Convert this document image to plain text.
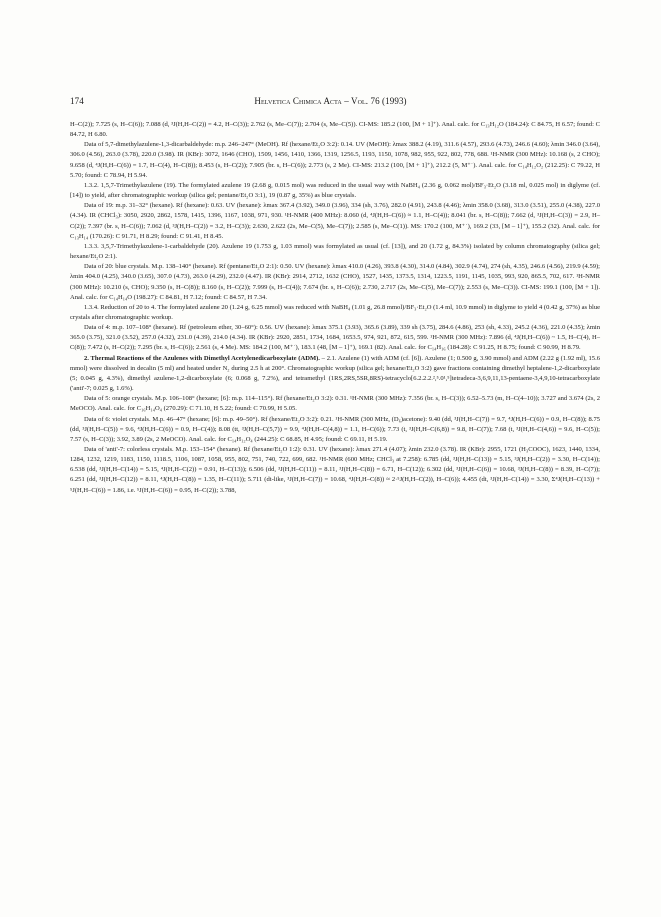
174	Helvetica Chimica Acta – Vol. 76 (1993)

H–C(2)); 7.725 (s, H–C(6)); 7.088 (d, ³J(H,H–C(2)) = 4.2, H–C(3)); 2.762 (s, Me–C(7)); 2.704 (s, Me–C(5)). CI-MS: 185.2 (100, [M + 1]⁺). Anal. calc. for C₁₃H₁₂O (184.24): C 84.75, H 6.57; found: C 84.72, H 6.80.

Data of 5,7-dimethylazulene-1,3-dicarbaldehyde: m.p. 246–247° (MeOH). Rf (hexane/Et₂O 3:2): 0.14. UV (MeOH): λmax 388.2 (4.19), 311.6 (4.57), 293.6 (4.73), 246.6 (4.60); λmin 346.0 (3.64), 306.0 (4.56), 263.0 (3.78), 220.0 (3.98). IR (KBr): 3072, 1646 (CHO), 1509, 1456, 1410, 1366, 1319, 1256.5, 1193, 1150, 1078, 982, 955, 922, 802, 778, 688. ¹H-NMR (300 MHz): 10.168 (s, 2 CHO); 9.658 (d, ⁴J(H,H–C(6)) = 1.7, H–C(4), H–C(8)); 8.453 (s, H–C(2)); 7.905 (br. s, H–C(6)); 2.773 (s, 2 Me). CI-MS: 213.2 (100, [M + 1]⁺), 212.2 (5, M⁺˙). Anal. calc. for C₁₄H₁₂O₂ (212.25): C 79.22, H 5.70; found: C 78.94, H 5.94.

1.3.2. 1,5,7-Trimethylazulene (19). The formylated azulene 19 (2.68 g, 0.015 mol) was reduced in the usual way with NaBH₄ (2.36 g, 0.062 mol)/BF₃·Et₂O (3.18 ml, 0.025 mol) in diglyme (cf. [14]) to yield, after chromatographic workup (silica gel; pentane/Et₂O 3:1), 19 (0.87 g, 35%) as blue crystals.

Data of 19: m.p. 31–32° (hexane). Rf (hexane): 0.63. UV (hexane): λmax 367.4 (3.92), 349.0 (3.96), 334 (sh, 3.76), 282.0 (4.91), 243.8 (4.46); λmin 358.0 (3.68), 313.0 (3.51), 255.0 (4.38), 227.0 (4.34). IR (CHCl₃): 3050, 2920, 2862, 1578, 1415, 1396, 1167, 1038, 971, 930. ¹H-NMR (400 MHz): 8.060 (d, ⁴J(H,H–C(6)) ≈ 1.1, H–C(4)); 8.041 (br. s, H–C(8)); 7.662 (d, ³J(H,H–C(3)) = 2.9, H–C(2)); 7.397 (br. s, H–C(6)); 7.062 (d, ³J(H,H–C(2)) = 3.2, H–C(3)); 2.630, 2.622 (2s, Me–C(5), Me–C(7)); 2.585 (s, Me–C(1)). MS: 170.2 (100, M⁺˙), 169.2 (33, [M – 1]⁺), 155.2 (32). Anal. calc. for C₁₃H₁₄ (170.26): C 91.71, H 8.29; found: C 91.41, H 8.45.

1.3.3. 3,5,7-Trimethylazulene-1-carbaldehyde (20). Azulene 19 (1.753 g, 1.03 mmol) was formylated as usual (cf. [13]), and 20 (1.72 g, 84.3%) isolated by column chromatography (silica gel; hexane/Et₂O 2:1).

Data of 20: blue crystals. M.p. 138–140° (hexane). Rf (pentane/Et₂O 2:1): 0.50. UV (hexane): λmax 410.0 (4.26), 393.8 (4.30), 314.0 (4.84), 302.9 (4.74), 274 (sh, 4.35), 246.6 (4.56), 219.9 (4.59); λmin 404.0 (4.25), 340.0 (3.65), 307.0 (4.73), 263.0 (4.29), 232.0 (4.47). IR (KBr): 2914, 2712, 1632 (CHO), 1527, 1435, 1373.5, 1314, 1223.5, 1191, 1145, 1035, 993, 920, 865.5, 702, 617. ¹H-NMR (300 MHz): 10.210 (s, CHO); 9.350 (s, H–C(8)); 8.160 (s, H–C(2)); 7.999 (s, H–C(4)); 7.674 (br. s, H–C(6)); 2.730, 2.717 (2s, Me–C(5), Me–C(7)); 2.553 (s, Me–C(3)). CI-MS: 199.1 (100, [M + 1]). Anal. calc. for C₁₄H₁₄O (198.27): C 84.81, H 7.12; found: C 84.57, H 7.34.

1.3.4. Reduction of 20 to 4. The formylated azulene 20 (1.24 g, 6.25 mmol) was reduced with NaBH₄ (1.01 g, 26.8 mmol)/BF₃·Et₂O (1.4 ml, 10.9 mmol) in diglyme to yield 4 (0.42 g, 37%) as blue crystals after chromatographic workup.

Data of 4: m.p. 107–108° (hexane). Rf (petroleum ether, 30–60°): 0.56. UV (hexane): λmax 375.1 (3.93), 365.6 (3.89), 339 sh (3.75), 284.6 (4.86), 253 (sh, 4.33), 245.2 (4.36), 221.0 (4.35); λmin 365.0 (3.75), 321.0 (3.52), 257.0 (4.32), 231.0 (4.39), 214.0 (4.34). IR (KBr): 2920, 2851, 1734, 1684, 1653.5, 974, 921, 872, 615, 599. ¹H-NMR (300 MHz): 7.896 (d, ⁴J(H,H–C(6)) ~ 1.5, H–C(4), H–C(8)); 7.472 (s, H–C(2)); 7.295 (br. s, H–C(6)); 2.561 (s, 4 Me). MS: 184.2 (100, M⁺˙), 183.1 (48, [M – 1]⁺), 169.1 (82). Anal. calc. for C₁₄H₁₆ (184.28): C 91.25, H 8.75; found: C 90.99, H 8.79.

2. Thermal Reactions of the Azulenes with Dimethyl Acetylenedicarboxylate (ADM). – 2.1. Azulene (1) with ADM (cf. [6]). Azulene (1; 0.500 g, 3.90 mmol) and ADM (2.22 g (1.92 ml), 15.6 mmol) were dissolved in decalin (5 ml) and heated under N₂ during 2.5 h at 200°. Chromatographic workup (silica gel; hexane/Et₂O 3:2) gave fractions containing dimethyl heptalene-1,2-dicarboxylate (5; 0.045 g, 4.3%), dimethyl azulene-1,2-dicarboxylate (6; 0.068 g, 7.2%), and tetramethyl (1RS,2RS,5SR,8RS)-tetracyclo[6.2.2.2.²,⁵.0¹,⁵]tetradeca-3,6,9,11,13-pentaene-3,4,9,10-tetracarboxylate ('anti'-7; 0.025 g, 1.6%).

Data of 5: orange crystals. M.p. 106–108° (hexane; [6]: m.p. 114–115°). Rf (hexane/Et₂O 3:2): 0.31. ¹H-NMR (300 MHz): 7.356 (br. s, H–C(3)); 6.52–5.73 (m, H–C(4–10)); 3.727 and 3.674 (2s, 2 MeOCO). Anal. calc. for C₁₆H₁₄O₄ (270.29): C 71.10, H 5.22; found: C 70.99, H 5.05.

Data of 6: violet crystals. M.p. 46–47° (hexane; [6]: m.p. 49–50°). Rf (hexane/Et₂O 3:2): 0.21. ¹H-NMR (300 MHz, (D₆)acetone): 9.40 (dd, ³J(H,H–C(7)) = 9.7, ⁴J(H,H–C(6)) = 0.9, H–C(8)); 8.75 (dd, ³J(H,H–C(5)) = 9.6, ⁴J(H,H–C(6)) = 0.9, H–C(4)); 8.08 (tt, ³J(H,H–C(5,7)) = 9.9, ⁴J(H,H–C(4,8)) = 1.1, H–C(6)); 7.73 (t, ³J(H,H–C(6,8)) = 9.8, H–C(7)); 7.68 (t, ³J(H,H–C(4,6)) = 9.6, H–C(5)); 7.57 (s, H–C(3)); 3.92, 3.89 (2s, 2 MeOCO). Anal. calc. for C₁₄H₁₂O₄ (244.25): C 68.85, H 4.95; found: C 69.11, H 5.19.

Data of 'anti'-7: colorless crystals. M.p. 153–154° (hexane). Rf (hexane/Et₂O 1:2): 0.31. UV (hexane): λmax 271.4 (4.07); λmin 232.0 (3.78). IR (KBr): 2955, 1721 (H₃COOC), 1623, 1440, 1334, 1284, 1232, 1219, 1183, 1150, 1118.5, 1106, 1087, 1058, 955, 802, 751, 740, 722, 699, 682. ¹H-NMR (600 MHz; CHCl₃ at 7.258): 6.785 (dd, ³J(H,H–C(13)) = 5.15, ³J(H,H–C(2)) = 3.30, H–C(14)); 6.538 (dd, ³J(H,H–C(14)) = 5.15, ⁴J(H,H–C(2)) = 0.91, H–C(13)); 6.506 (dd, ³J(H,H–C(11)) = 8.11, ³J(H,H–C(8)) = 6.71, H–C(12)); 6.302 (dd, ³J(H,H–C(6)) = 10.68, ³J(H,H–C(8)) = 8.39, H–C(7)); 6.251 (dd, ³J(H,H–C(12)) = 8.11, ⁴J(H,H–C(8)) = 1.35, H–C(11)); 5.711 (dt-like, ³J(H,H–C(7)) = 10.68, ⁴J(H,H–C(8)) ≈ 2·⁵J(H,H–C(2)), H–C(6)); 4.455 (dt, ³J(H,H–C(14)) = 3.30, Σ⁴J(H,H–C(13)) + ⁵J(H,H–C(6)) = 1.86, i.e. ⁵J(H,H–C(6)) = 0.95, H–C(2)); 3.788,
